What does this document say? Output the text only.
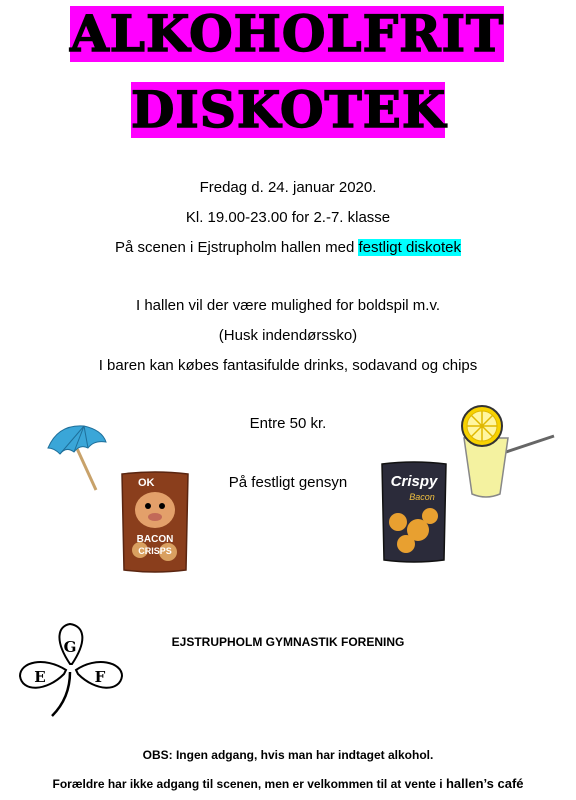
ALKOHOLFRIT
DISKOTEK
Fredag d. 24. januar 2020.
Kl. 19.00-23.00 for 2.-7. klasse
På scenen i Ejstrupholm hallen med festligt diskotek
I hallen vil der være mulighed for boldspil m.v.
(Husk indendørssko)
I baren kan købes fantasifulde drinks, sodavand og chips
Entre 50 kr.
På festligt gensyn
OK
BACON
CRISPS
Crispy
Bacon
G
E	F
EJSTRUPHOLM GYMNASTIK FORENING
OBS: Ingen adgang, hvis man har indtaget alkohol.
Forældre har ikke adgang til scenen, men er velkommen til at vente i hallen’s café
